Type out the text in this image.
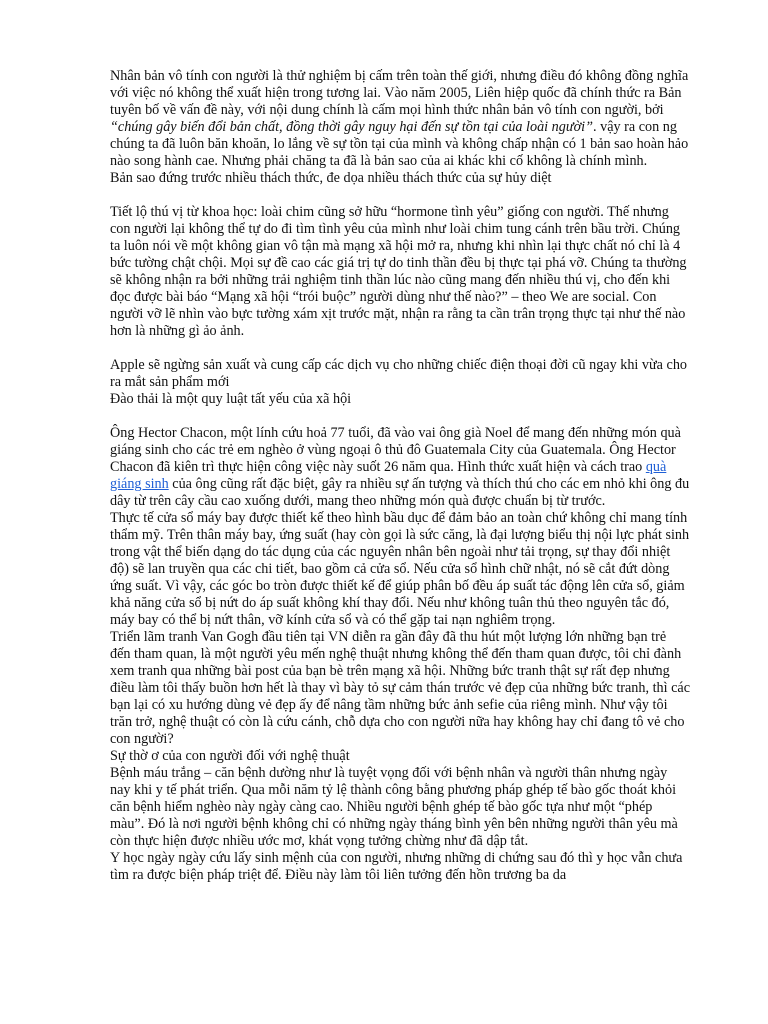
Nhân bản vô tính con người là thử nghiệm bị cấm trên toàn thế giới, nhưng điều đó không đồng nghĩa với việc nó không thể xuất hiện trong tương lai. Vào năm 2005, Liên hiệp quốc đã chính thức ra Bản tuyên bố về vấn đề này, với nội dung chính là cấm mọi hình thức nhân bản vô tính con người, bởi “chúng gây biến đổi bản chất, đồng thời gây nguy hại đến sự tồn tại của loài người”. vậy ra con ng chúng ta đã luôn băn khoăn, lo lắng về sự tồn tại của mình và không chấp nhận có 1 bản sao hoàn hảo nào song hành cae. Nhưng phải chăng ta đã là bản sao của ai khác khi cố không là chính mình.

Bản sao đứng trước nhiều thách thức, đe dọa nhiều thách thức của sự hủy diệt

Tiết lộ thú vị từ khoa học: loài chim cũng sở hữu “hormone tình yêu” giống con người. Thế nhưng con người lại không thể tự do đi tìm tình yêu của mình như loài chim tung cánh trên bầu trời. Chúng ta luôn nói về một không gian vô tận mà mạng xã hội mở ra, nhưng khi nhìn lại thực chất nó chỉ là 4 bức tường chật chội. Mọi sự đề cao các giá trị tự do tinh thần đều bị thực tại phá vỡ. Chúng ta thường sẽ không nhận ra bởi những trải nghiệm tinh thần lúc nào cũng mang đến nhiều thú vị, cho đến khi đọc được bài báo “Mạng xã hội “trói buộc” người dùng như thế nào?” – theo We are social. Con người vỡ lẽ nhìn vào bực tường xám xịt trước mặt, nhận ra rằng ta cần trân trọng thực tại như thế nào hơn là những gì ảo ảnh.

Apple sẽ ngừng sản xuất và cung cấp các dịch vụ cho những chiếc điện thoại đời cũ ngay khi vừa cho ra mắt sản phẩm mới

Đào thải là một quy luật tất yếu của xã hội

Ông Hector Chacon, một lính cứu hoả 77 tuổi, đã vào vai ông già Noel để mang đến những món quà giáng sinh cho các trẻ em nghèo ở vùng ngoại ô thủ đô Guatemala City của Guatemala. Ông Hector Chacon đã kiên trì thực hiện công việc này suốt 26 năm qua. Hình thức xuất hiện và cách trao quà giáng sinh của ông cũng rất đặc biệt, gây ra nhiều sự ấn tượng và thích thú cho các em nhỏ khi ông đu dây từ trên cây cầu cao xuống dưới, mang theo những món quà được chuẩn bị từ trước.

Thực tế cửa sổ máy bay được thiết kế theo hình bầu dục để đảm bảo an toàn chứ không chỉ mang tính thẩm mỹ. Trên thân máy bay, ứng suất (hay còn gọi là sức căng, là đại lượng biểu thị nội lực phát sinh trong vật thể biến dạng do tác dụng của các nguyên nhân bên ngoài như tải trọng, sự thay đổi nhiệt độ) sẽ lan truyền qua các chi tiết, bao gồm cả cửa sổ. Nếu cửa sổ hình chữ nhật, nó sẽ cắt đứt dòng ứng suất. Vì vậy, các góc bo tròn được thiết kế để giúp phân bố đều áp suất tác động lên cửa sổ, giảm khả năng cửa sổ bị nứt do áp suất không khí thay đổi. Nếu như không tuân thủ theo nguyên tắc đó, máy bay có thể bị nứt thân, vỡ kính cửa sổ và có thể gặp tai nạn nghiêm trọng.

Triển lãm tranh Van Gogh đầu tiên tại VN diễn ra gần đây đã thu hút một lượng lớn những bạn trẻ đến tham quan, là một người yêu mến nghệ thuật nhưng không thể đến tham quan được, tôi chỉ đành xem tranh qua những bài post của bạn bè trên mạng xã hội. Những bức tranh thật sự rất đẹp nhưng điều làm tôi thấy buồn hơn hết là thay vì bày tỏ sự cảm thán trước vẻ đẹp của những bức tranh, thì các bạn lại có xu hướng dùng vẻ đẹp ấy để nâng tầm những bức ảnh sefie của riêng mình. Như vậy tôi trăn trở, nghệ thuật có còn là cứu cánh, chỗ dựa cho con người nữa hay không hay chỉ đang tô vẻ cho con người?

Sự thờ ơ của con người đối với nghệ thuật

Bệnh máu trắng – căn bệnh dường như là tuyệt vọng đối với bệnh nhân và người thân nhưng ngày nay khi y tế phát triển. Qua mỗi năm tỷ lệ thành công bằng phương pháp ghép tế bào gốc thoát khỏi căn bệnh hiểm nghèo này ngày càng cao. Nhiều người bệnh ghép tế bào gốc tựa như một “phép màu”. Đó là nơi người bệnh không chỉ có những ngày tháng bình yên bên những người thân yêu mà còn thực hiện được nhiều ước mơ, khát vọng tưởng chừng như đã dập tắt.

Y học ngày ngày cứu lấy sinh mệnh của con người, nhưng những di chứng sau đó thì y học vẫn chưa tìm ra được biện pháp triệt để. Điều này làm tôi liên tưởng đến hồn trương ba da
